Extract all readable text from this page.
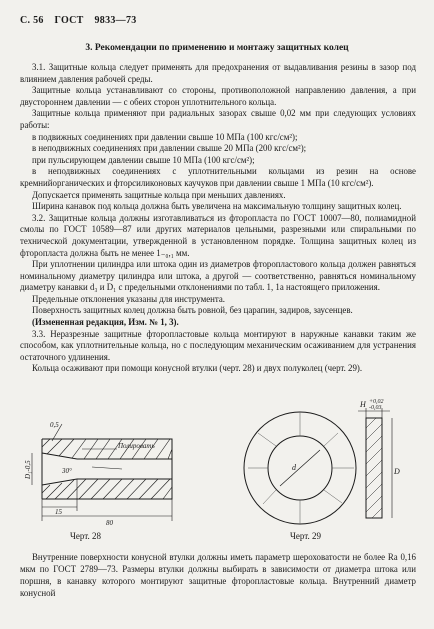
С. 56 ГОСТ 9833—73
3. Рекомендации по применению и монтажу защитных колец

3.1. Защитные кольца следует применять для предохранения от выдавливания резины в зазор под влиянием давления рабочей среды.

Защитные кольца устанавливают со стороны, противоположной направлению давления, а при двустороннем давлении — с обеих сторон уплотнительного кольца.

Защитные кольца применяют при радиальных зазорах свыше 0,02 мм при следующих условиях работы:

в подвижных соединениях при давлении свыше 10 МПа (100 кгс/см²);

в неподвижных соединениях при давлении свыше 20 МПа (200 кгс/см²);

при пульсирующем давлении свыше 10 МПа (100 кгс/см²);

в неподвижных соединениях с уплотнительными кольцами из резин на основе кремнийорганических и фторсиликоновых каучуков при давлении свыше 1 МПа (10 кгс/см²).

Допускается применять защитные кольца при меньших давлениях.

Ширина канавок под кольца должна быть увеличена на максимальную толщину защитных колец.

3.2. Защитные кольца должны изготавливаться из фторопласта по ГОСТ 10007—80, полиамидной смолы по ГОСТ 10589—87 или других материалов цельными, разрезными или спиральными по технической документации, утвержденной в установленном порядке. Толщина защитных колец из фторопласта должна быть не менее 1₋₀,₁ мм.

При уплотнении цилиндра или штока один из диаметров фторопластового кольца должен равняться номинальному диаметру цилиндра или штока, а другой — соответственно, равняться номинальному диаметру канавки d₃ и D₁ с предельными отклонениями по табл. 1, 1а настоящего приложения.

Предельные отклонения указаны для инструмента.

Поверхность защитных колец должна быть ровной, без царапин, задиров, заусенцев.

(Измененная редакция, Изм. № 1, 3).

3.3. Неразрезные защитные фторопластовые кольца монтируют в наружные канавки таким же способом, как уплотнительные кольца, но с последующим механическим осаживанием для устранения остаточного удлинения.

Кольца осаживают при помощи конусной втулки (черт. 28) и двух полуколец (черт. 29).

0,5
D₁-0,5	30°
Полировать
15
80
Черт. 28
d	D
H +0,02
-0,03
Черт. 29

Внутренние поверхности конусной втулки должны иметь параметр шероховатости не более Ra 0,16 мкм по ГОСТ 2789—73. Размеры втулки должны выбирать в зависимости от диаметра штока или поршня, в канавку которого монтируют защитные фторопластовые кольца. Внутренний диаметр конусной
